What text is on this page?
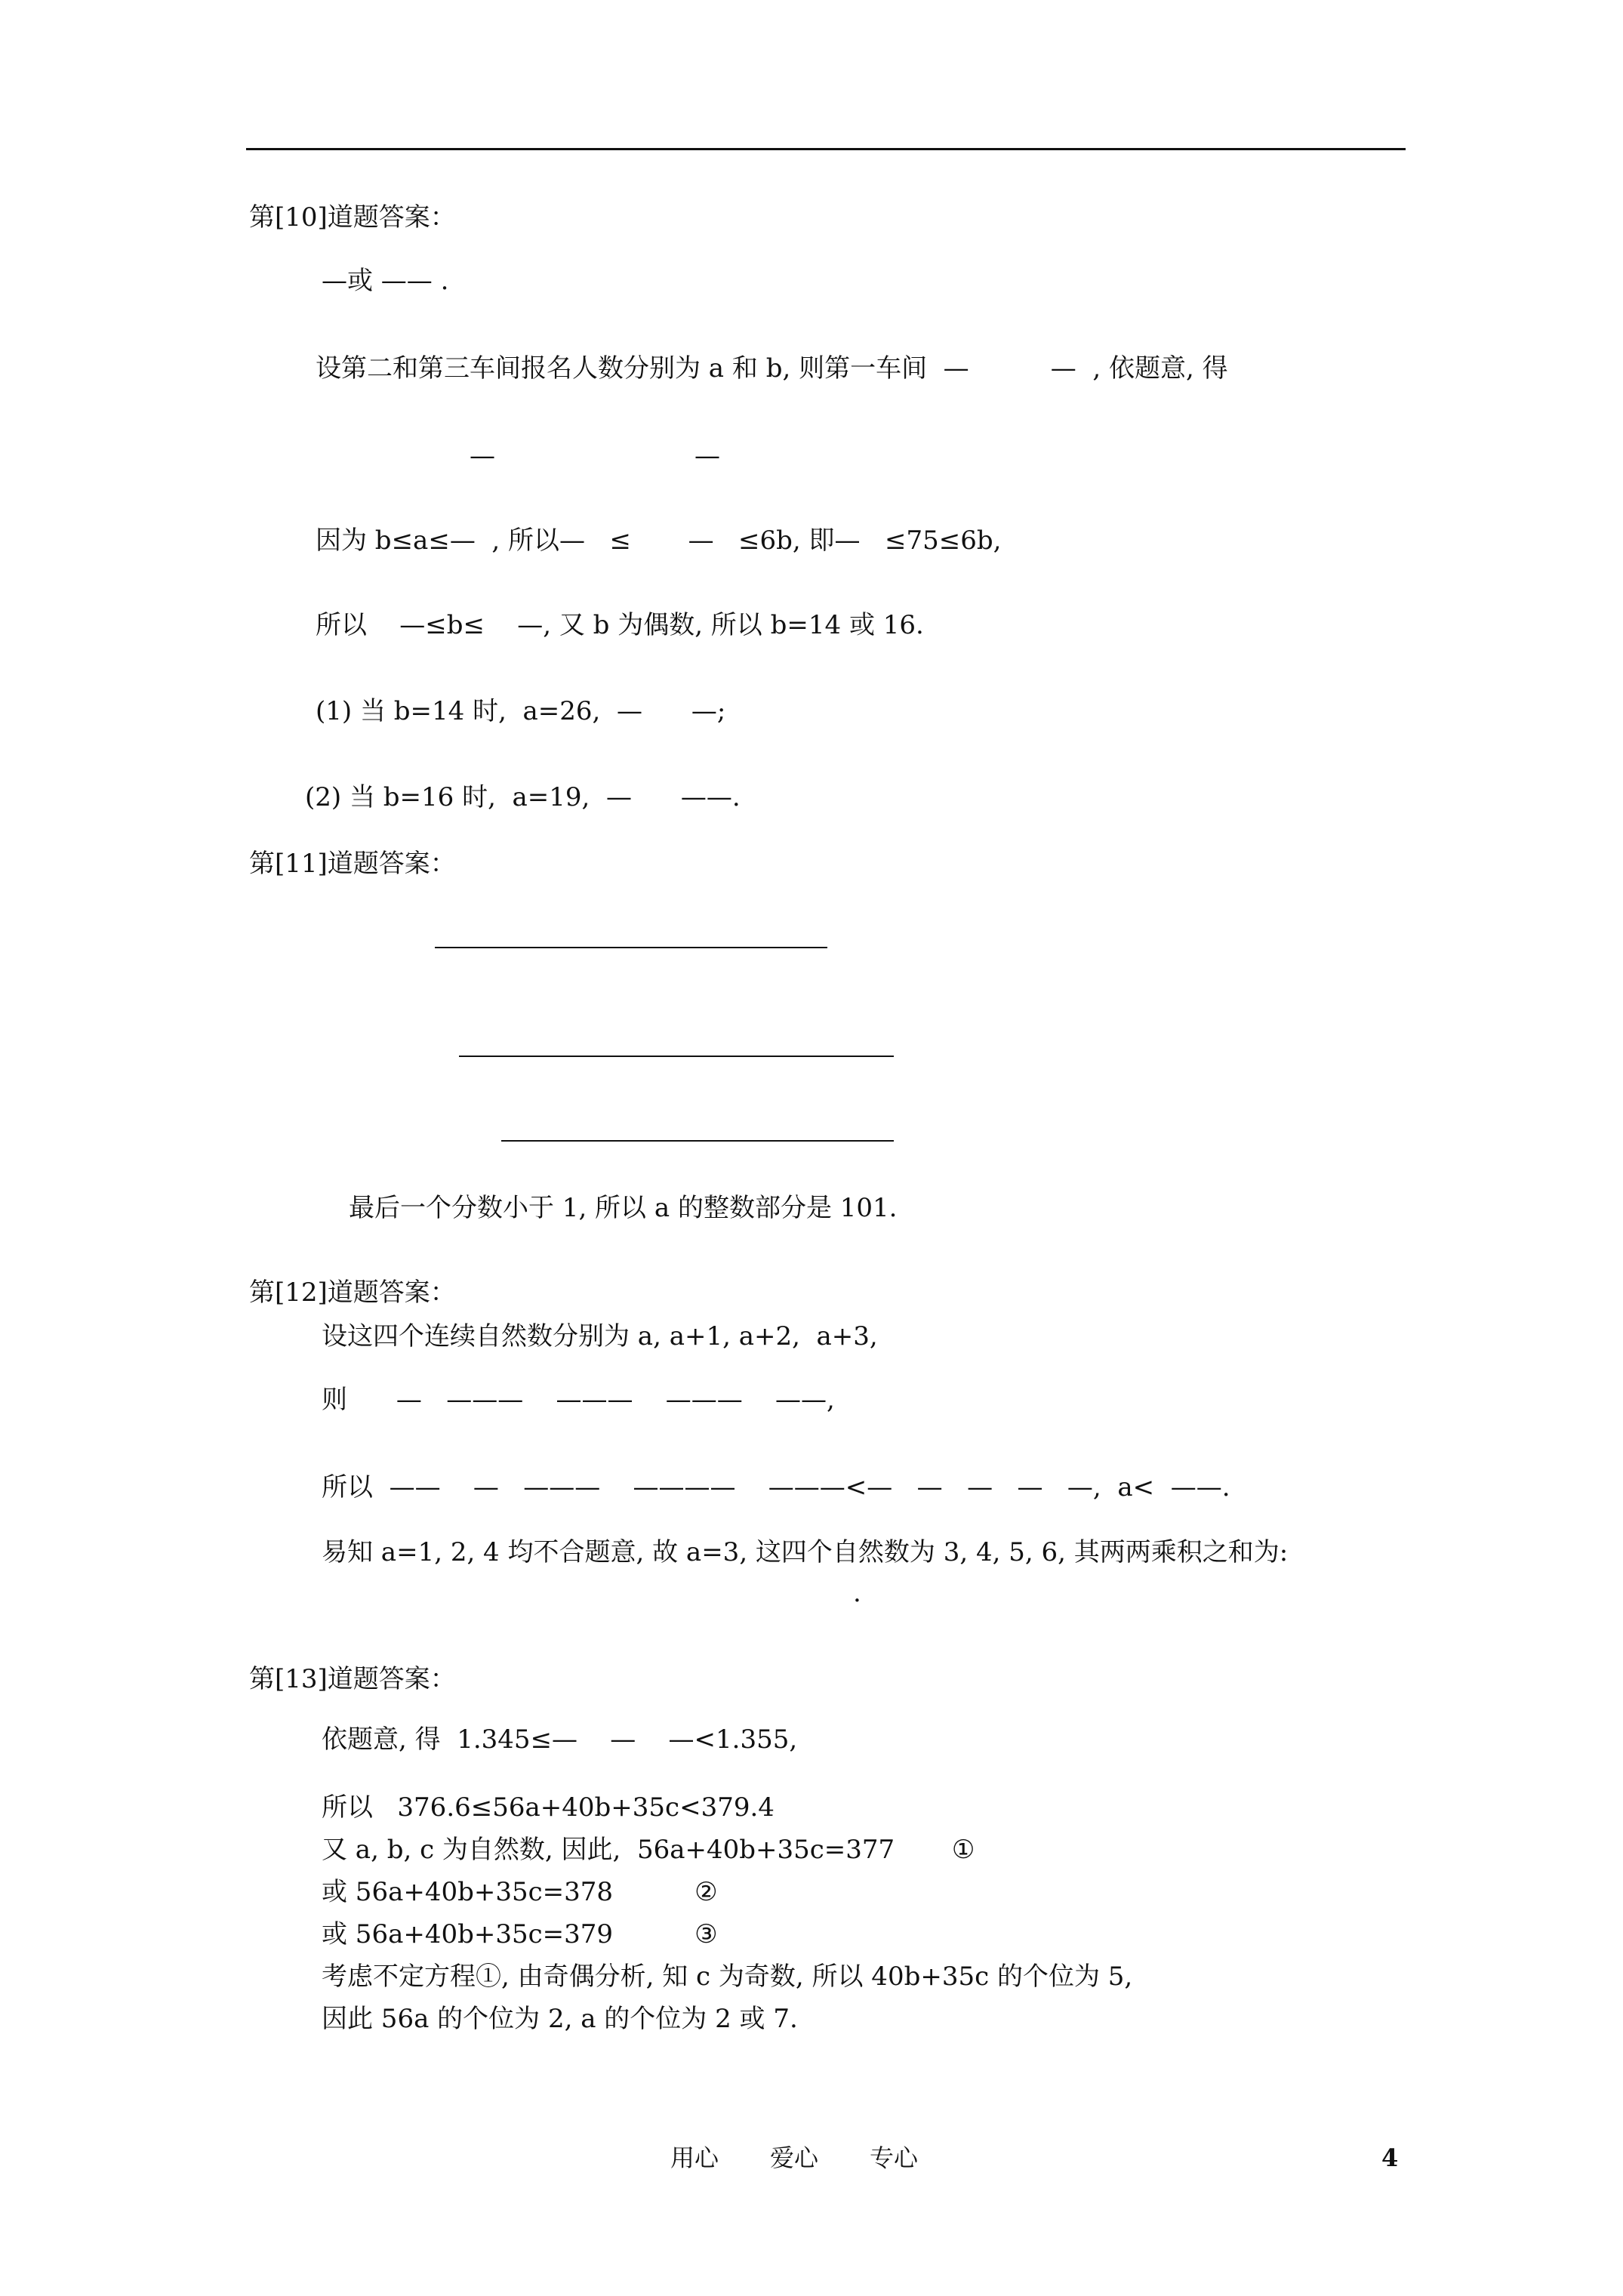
第[10]道题答案：
—或 —— .
设第二和第三车间报名人数分别为 a 和 b, 则第一车间  —          —  , 依题意, 得
—	—
因为 b≤a≤—  , 所以—   ≤       —   ≤6b, 即—   ≤75≤6b,
所以    —≤b≤    —, 又 b 为偶数, 所以 b=14 或 16.
(1) 当 b=14 时,  a=26,  —      —;
(2) 当 b=16 时,  a=19,  —      ——.
第[11]道题答案：
最后一个分数小于 1, 所以 a 的整数部分是 101.
第[12]道题答案：
设这四个连续自然数分别为 a, a+1, a+2,  a+3,
则      —   ———    ———    ———    ——,
所以  ——    —   ———    ————    ———<—   —   —   —   —,  a<  ——.
易知 a=1, 2, 4 均不合题意, 故 a=3, 这四个自然数为 3, 4, 5, 6, 其两两乘积之和为:
.
第[13]道题答案：
依题意, 得  1.345≤—    —    —<1.355,
所以   376.6≤56a+40b+35c<379.4
又 a, b, c 为自然数, 因此,  56a+40b+35c=377       ①
或 56a+40b+35c=378          ②
或 56a+40b+35c=379          ③
考虑不定方程①, 由奇偶分析, 知 c 为奇数, 所以 40b+35c 的个位为 5,
因此 56a 的个位为 2, a 的个位为 2 或 7.
用心 爱心 专心	4
